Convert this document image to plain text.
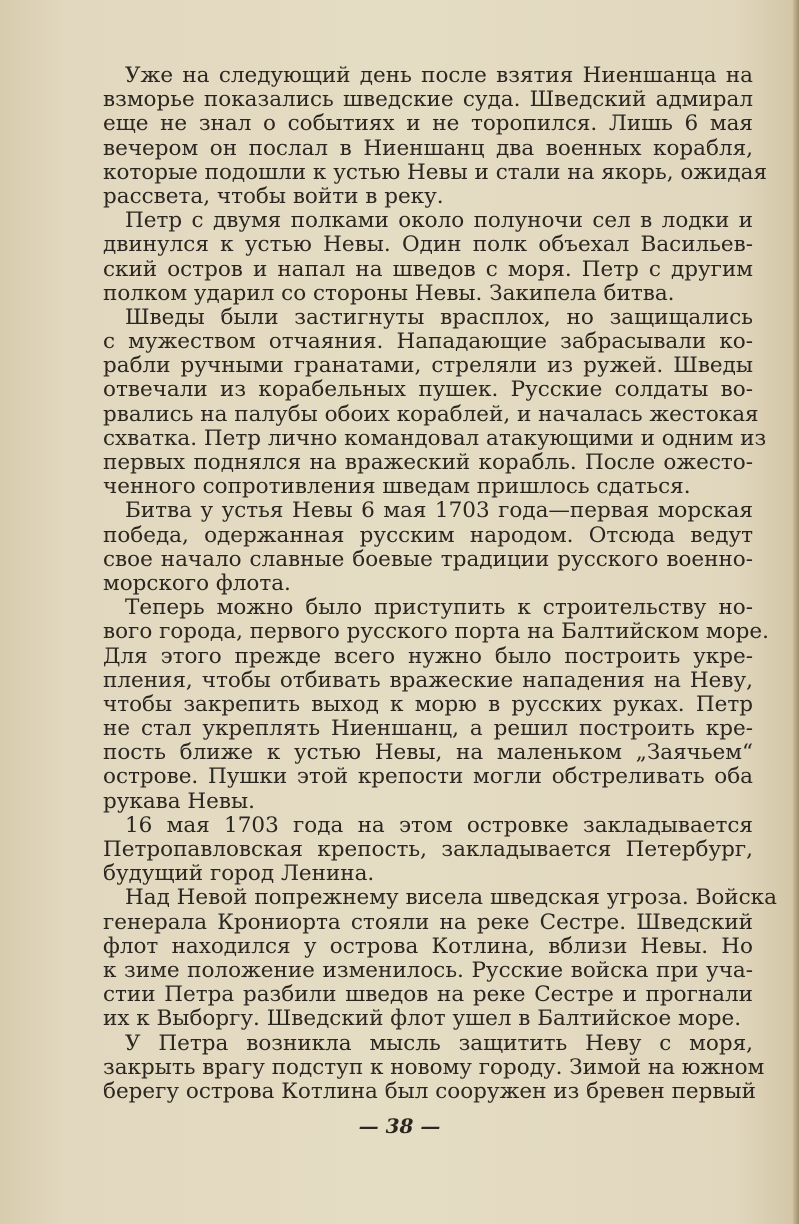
Уже на следующий день после взятия Ниеншанца на
взморье показались шведские суда. Шведский адмирал
еще не знал о событиях и не торопился. Лишь 6 мая
вечером он послал в Ниеншанц два военных корабля,
которые подошли к устью Невы и стали на якорь, ожидая
рассвета, чтобы войти в реку.
Петр с двумя полками около полуночи сел в лодки и
двинулся к устью Невы. Один полк объехал Васильев-
ский остров и напал на шведов с моря. Петр с другим
полком ударил со стороны Невы. Закипела битва.
Шведы были застигнуты врасплох, но защищались
с мужеством отчаяния. Нападающие забрасывали ко-
рабли ручными гранатами, стреляли из ружей. Шведы
отвечали из корабельных пушек. Русские солдаты во-
рвались на палубы обоих кораблей, и началась жестокая
схватка. Петр лично командовал атакующими и одним из
первых поднялся на вражеский корабль. После ожесто-
ченного сопротивления шведам пришлось сдаться.
Битва у устья Невы 6 мая 1703 года—первая морская
победа, одержанная русским народом. Отсюда ведут
свое начало славные боевые традиции русского военно-
морского флота.
Теперь можно было приступить к строительству но-
вого города, первого русского порта на Балтийском море.
Для этого прежде всего нужно было построить укре-
пления, чтобы отбивать вражеские нападения на Неву,
чтобы закрепить выход к морю в русских руках. Петр
не стал укреплять Ниеншанц, а решил построить кре-
пость ближе к устью Невы, на маленьком „Заячьем“
острове. Пушки этой крепости могли обстреливать оба
рукава Невы.
16 мая 1703 года на этом островке закладывается
Петропавловская крепость, закладывается Петербург,
будущий город Ленина.
Над Невой попрежнему висела шведская угроза. Войска
генерала Крониорта стояли на реке Сестре. Шведский
флот находился у острова Котлина, вблизи Невы. Но
к зиме положение изменилось. Русские войска при уча-
стии Петра разбили шведов на реке Сестре и прогнали
их к Выборгу. Шведский флот ушел в Балтийское море.
У Петра возникла мысль защитить Неву с моря,
закрыть врагу подступ к новому городу. Зимой на южном
берегу острова Котлина был сооружен из бревен первый
— 38 —
